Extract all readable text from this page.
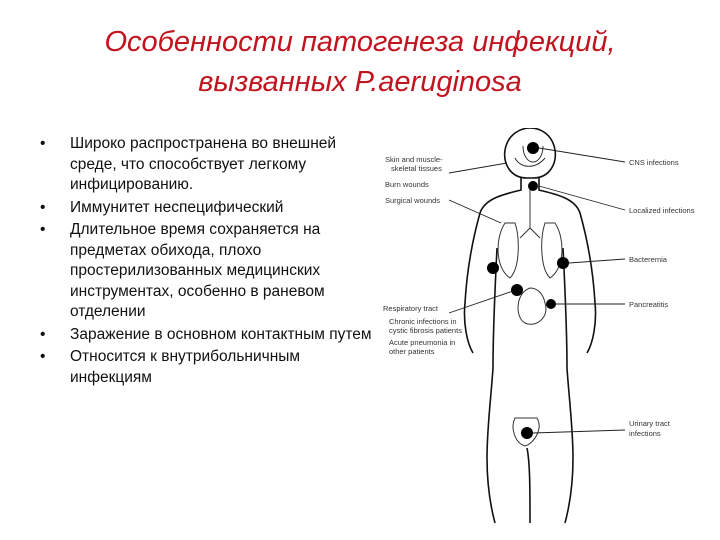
Особенности патогенеза инфекций,
вызванных P.aeruginosa
• Широко распространена во внешней среде, что способствует легкому инфицированию.
• Иммунитет неспецифический
• Длительное время сохраняется на предметах обихода, плохо простерилизованных медицинских инструментах, особенно в раневом отделении
• Заражение в основном контактным путем
• Относится к внутрибольничным инфекциям
Skin and muscle-
skeletal tissues
Burn wounds
Surgical wounds
Respiratory tract
Chronic infections in
cystic fibrosis patients
Acute pneumonia in
other patients
CNS infections
Localized infections
Bacteremia
Pancreatitis
Urinary tract
infections
